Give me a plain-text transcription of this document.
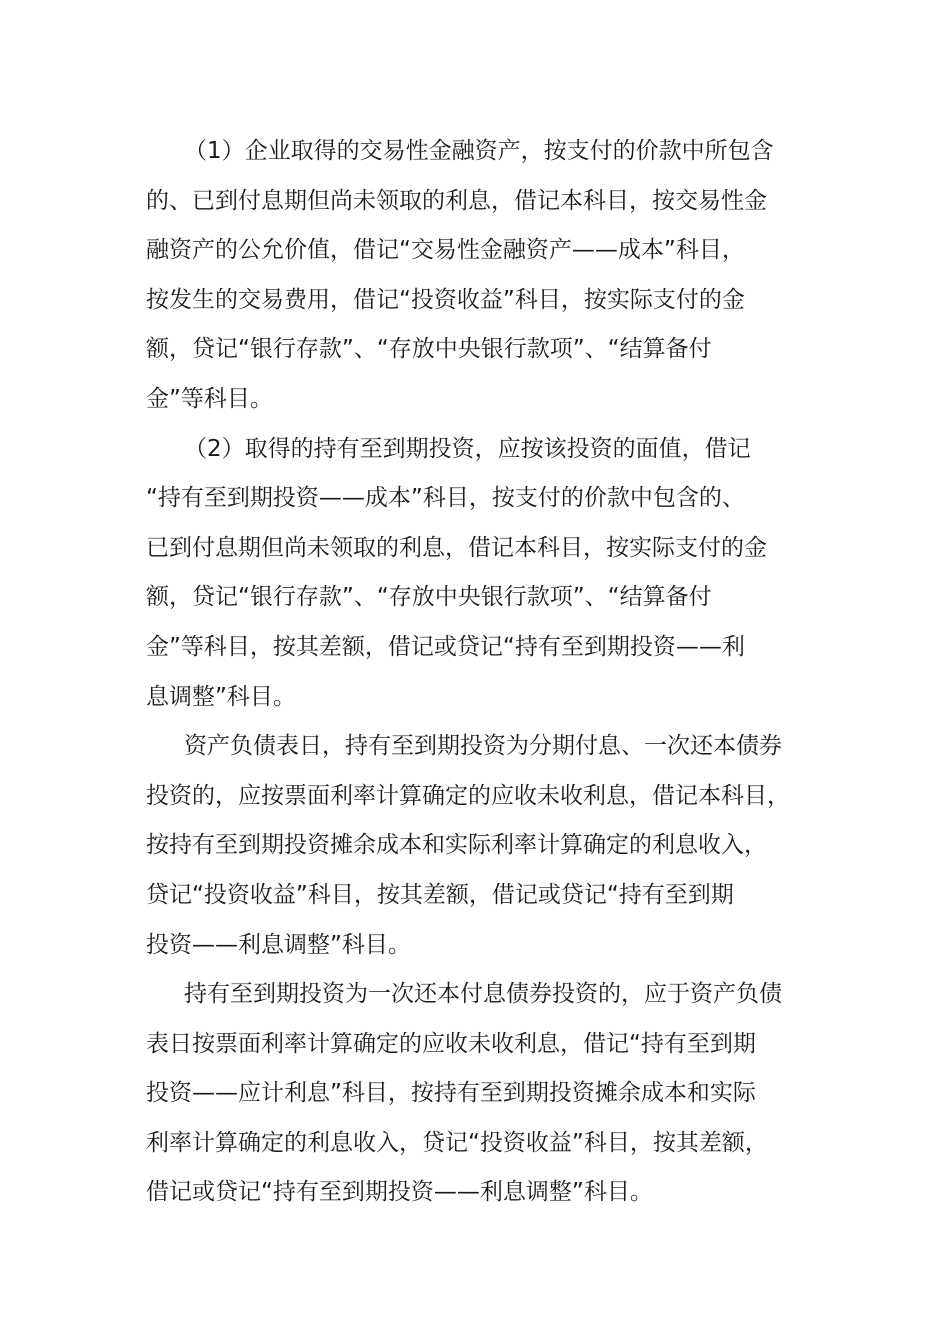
（1）企业取得的交易性金融资产，按支付的价款中所包含
的、已到付息期但尚未领取的利息，借记本科目，按交易性金
融资产的公允价值，借记“交易性金融资产——成本”科目，
按发生的交易费用，借记“投资收益”科目，按实际支付的金
额，贷记“银行存款”、“存放中央银行款项”、“结算备付
金”等科目。
（2）取得的持有至到期投资，应按该投资的面值，借记
“持有至到期投资——成本”科目，按支付的价款中包含的、
已到付息期但尚未领取的利息，借记本科目，按实际支付的金
额，贷记“银行存款”、“存放中央银行款项”、“结算备付
金”等科目，按其差额，借记或贷记“持有至到期投资——利
息调整”科目。
资产负债表日，持有至到期投资为分期付息、一次还本债券
投资的，应按票面利率计算确定的应收未收利息，借记本科目，
按持有至到期投资摊余成本和实际利率计算确定的利息收入，
贷记“投资收益”科目，按其差额，借记或贷记“持有至到期
投资——利息调整”科目。
持有至到期投资为一次还本付息债券投资的，应于资产负债
表日按票面利率计算确定的应收未收利息，借记“持有至到期
投资——应计利息”科目，按持有至到期投资摊余成本和实际
利率计算确定的利息收入，贷记“投资收益”科目，按其差额，
借记或贷记“持有至到期投资——利息调整”科目。
